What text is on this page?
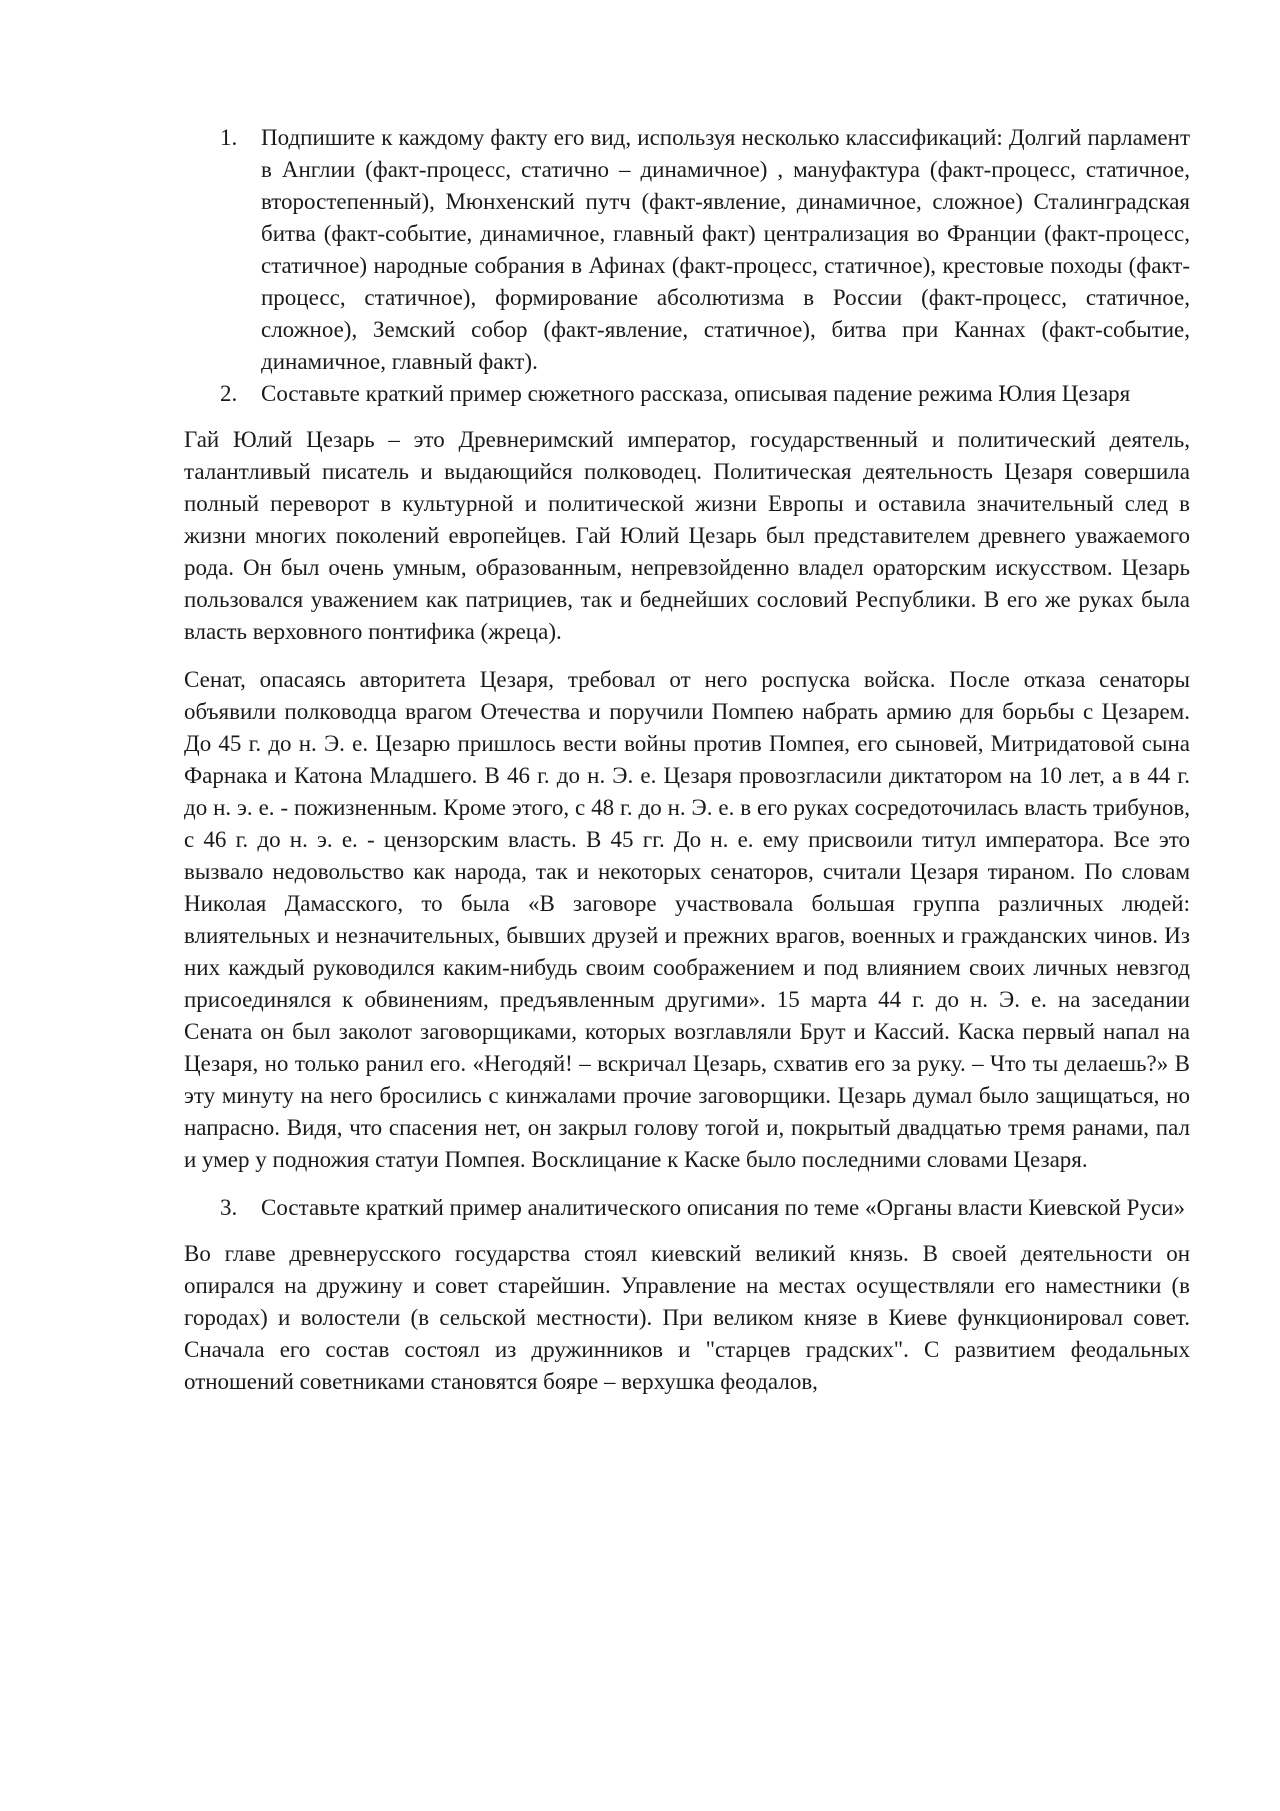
1. Подпишите к каждому факту его вид, используя несколько классификаций: Долгий парламент в Англии (факт-процесс, статично – динамичное) , мануфактура (факт-процесс, статичное, второстепенный), Мюнхенский путч (факт-явление, динамичное, сложное) Сталинградская битва (факт-событие, динамичное, главный факт) централизация во Франции (факт-процесс, статичное) народные собрания в Афинах (факт-процесс, статичное), крестовые походы (факт-процесс, статичное), формирование абсолютизма в России (факт-процесс, статичное, сложное), Земский собор (факт-явление, статичное), битва при Каннах (факт-событие, динамичное, главный факт).
2. Составьте краткий пример сюжетного рассказа, описывая падение режима Юлия Цезаря

Гай Юлий Цезарь – это Древнеримский император, государственный и политический деятель, талантливый писатель и выдающийся полководец. Политическая деятельность Цезаря совершила полный переворот в культурной и политической жизни Европы и оставила значительный след в жизни многих поколений европейцев. Гай Юлий Цезарь был представителем древнего уважаемого рода. Он был очень умным, образованным, непревзойденно владел ораторским искусством. Цезарь пользовался уважением как патрициев, так и беднейших сословий Республики. В его же руках была власть верховного понтифика (жреца).

Сенат, опасаясь авторитета Цезаря, требовал от него роспуска войска. После отказа сенаторы объявили полководца врагом Отечества и поручили Помпею набрать армию для борьбы с Цезарем. До 45 г. до н. Э. е. Цезарю пришлось вести войны против Помпея, его сыновей, Митридатовой сына Фарнака и Катона Младшего. В 46 г. до н. Э. е. Цезаря провозгласили диктатором на 10 лет, а в 44 г. до н. э. е. - пожизненным. Кроме этого, с 48 г. до н. Э. е. в его руках сосредоточилась власть трибунов, с 46 г. до н. э. е. - цензорским власть. В 45 гг. До н. е. ему присвоили титул императора. Все это вызвало недовольство как народа, так и некоторых сенаторов, считали Цезаря тираном. По словам Николая Дамасского, то была «В заговоре участвовала большая группа различных людей: влиятельных и незначительных, бывших друзей и прежних врагов, военных и гражданских чинов. Из них каждый руководился каким-нибудь своим соображением и под влиянием своих личных невзгод присоединялся к обвинениям, предъявленным другими». 15 марта 44 г. до н. Э. е. на заседании Сената он был заколот заговорщиками, которых возглавляли Брут и Кассий. Каска первый напал на Цезаря, но только ранил его. «Негодяй! – вскричал Цезарь, схватив его за руку. – Что ты делаешь?» В эту минуту на него бросились с кинжалами прочие заговорщики. Цезарь думал было защищаться, но напрасно. Видя, что спасения нет, он закрыл голову тогой и, покрытый двадцатью тремя ранами, пал и умер у подножия статуи Помпея. Восклицание к Каске было последними словами Цезаря.

3. Составьте краткий пример аналитического описания по теме «Органы власти Киевской Руси»

Во главе древнерусского государства стоял киевский великий князь. В своей деятельности он опирался на дружину и совет старейшин. Управление на местах осуществляли его наместники (в городах) и волостели (в сельской местности). При великом князе в Киеве функционировал совет. Сначала его состав состоял из дружинников и "старцев градских". С развитием феодальных отношений советниками становятся бояре – верхушка феодалов,
